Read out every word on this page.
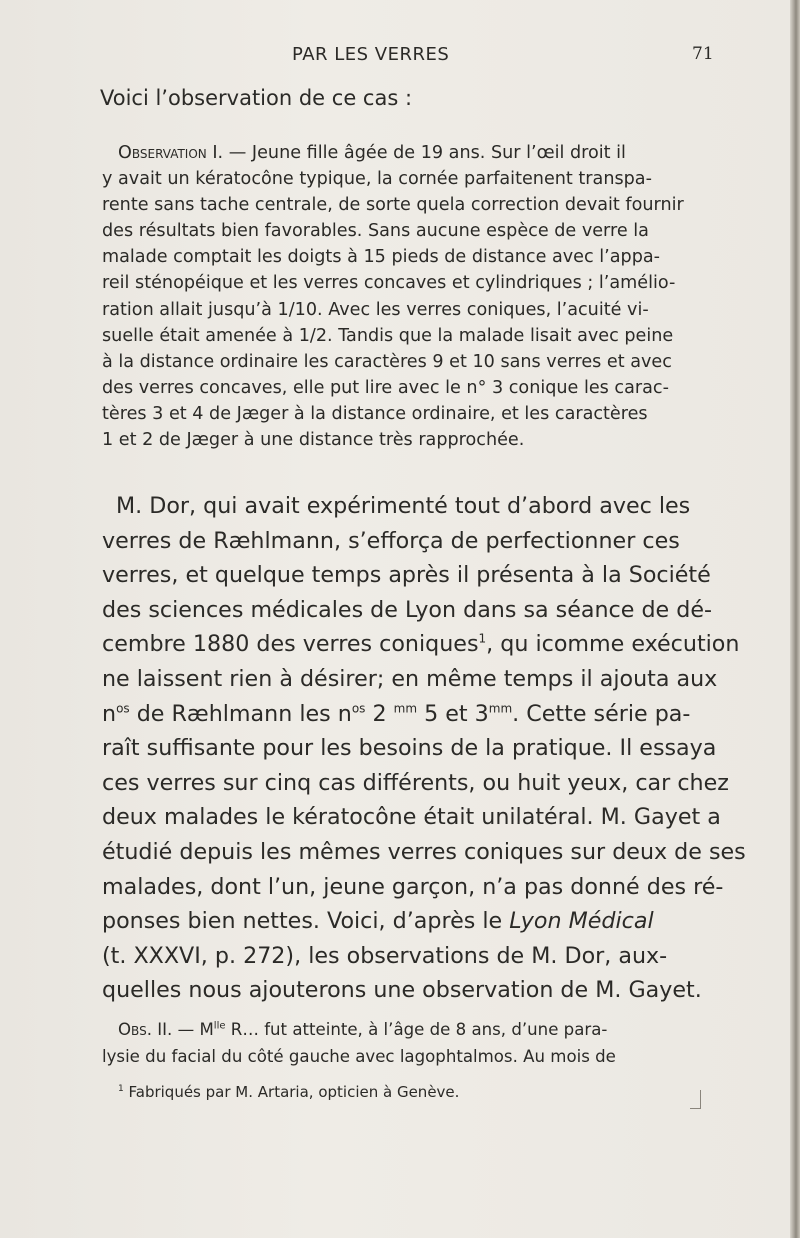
PAR LES VERRES	71
Voici l’observation de ce cas :
Observation I. — Jeune fille âgée de 19 ans. Sur l’œil droit il
y avait un kératocône typique, la cornée parfaitenent transpa-
rente sans tache centrale, de sorte quela correction devait fournir
des résultats bien favorables. Sans aucune espèce de verre la
malade comptait les doigts à 15 pieds de distance avec l’appa-
reil sténopéique et les verres concaves et cylindriques ; l’amélio-
ration allait jusqu’à 1/10. Avec les verres coniques, l’acuité vi-
suelle était amenée à 1/2. Tandis que la malade lisait avec peine
à la distance ordinaire les caractères 9 et 10 sans verres et avec
des verres concaves, elle put lire avec le n° 3 conique les carac-
tères 3 et 4 de Jæger à la distance ordinaire, et les caractères
1 et 2 de Jæger à une distance très rapprochée.
M. Dor, qui avait expérimenté tout d’abord avec les
verres de Ræhlmann, s’efforça de perfectionner ces
verres, et quelque temps après il présenta à la Société
des sciences médicales de Lyon dans sa séance de dé-
cembre 1880 des verres coniques$^1$, qu icomme exécution
ne laissent rien à désirer; en même temps il ajouta aux
$n^{os}$ de Ræhlmann les $n^{os}$ 2 $^{mm}$ 5 et $3^{mm}$. Cette série pa-
raît suffisante pour les besoins de la pratique. Il essaya
ces verres sur cinq cas différents, ou huit yeux, car chez
deux malades le kératocône était unilatéral. M. Gayet a
étudié depuis les mêmes verres coniques sur deux de ses
malades, dont l’un, jeune garçon, n’a pas donné des ré-
ponses bien nettes. Voici, d’après le Lyon Médical
(t. XXXVI, p. 272), les observations de M. Dor, aux-
quelles nous ajouterons une observation de M. Gayet.
Obs. II. — $M^{lle}$ R… fut atteinte, à l’âge de 8 ans, d’une para-
lysie du facial du côté gauche avec lagophtalmos. Au mois de
$^1$ Fabriqués par M. Artaria, opticien à Genève.
